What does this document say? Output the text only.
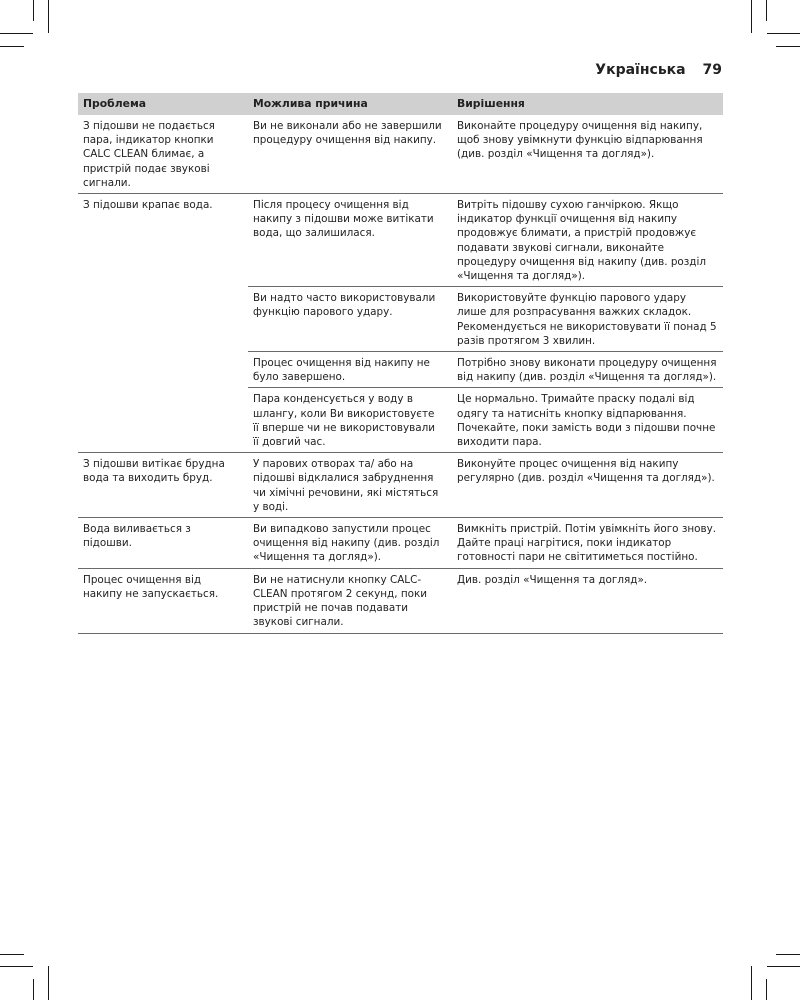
Українська 79
Проблема	Можлива причина	Вирішення
З підошви не подається пара, індикатор кнопки CALC CLEAN блимає, а пристрій подає звукові сигнали.	Ви не виконали або не завершили процедуру очищення від накипу.	Виконайте процедуру очищення від накипу, щоб знову увімкнути функцію відпарювання (див. розділ «Чищення та догляд»).
З підошви крапає вода.	Після процесу очищення від накипу з підошви може витікати вода, що залишилася.	Витріть підошву сухою ганчіркою. Якщо індикатор функції очищення від накипу продовжує блимати, а пристрій продовжує подавати звукові сигнали, виконайте процедуру очищення від накипу (див. розділ «Чищення та догляд»).
	Ви надто часто використовували функцію парового удару.	Використовуйте функцію парового удару лише для розпрасування важких складок. Рекомендується не використовувати її понад 5 разів протягом 3 хвилин.
	Процес очищення від накипу не було завершено.	Потрібно знову виконати процедуру очищення від накипу (див. розділ «Чищення та догляд»).
	Пара конденсується у воду в шлангу, коли Ви використовуєте її вперше чи не використовували її довгий час.	Це нормально. Тримайте праску подалі від одягу та натисніть кнопку відпарювання. Почекайте, поки замість води з підошви почне виходити пара.
З підошви витікає брудна вода та виходить бруд.	У парових отворах та/ або на підошві відклалися забруднення чи хімічні речовини, які містяться у воді.	Виконуйте процес очищення від накипу регулярно (див. розділ «Чищення та догляд»).
Вода виливається з підошви.	Ви випадково запустили процес очищення від накипу (див. розділ «Чищення та догляд»).	Вимкніть пристрій. Потім увімкніть його знову. Дайте праці нагрітися, поки індикатор готовності пари не світитиметься постійно.
Процес очищення від накипу не запускається.	Ви не натиснули кнопку CALC-CLEAN протягом 2 секунд, поки пристрій не почав подавати звукові сигнали.	Див. розділ «Чищення та догляд».
